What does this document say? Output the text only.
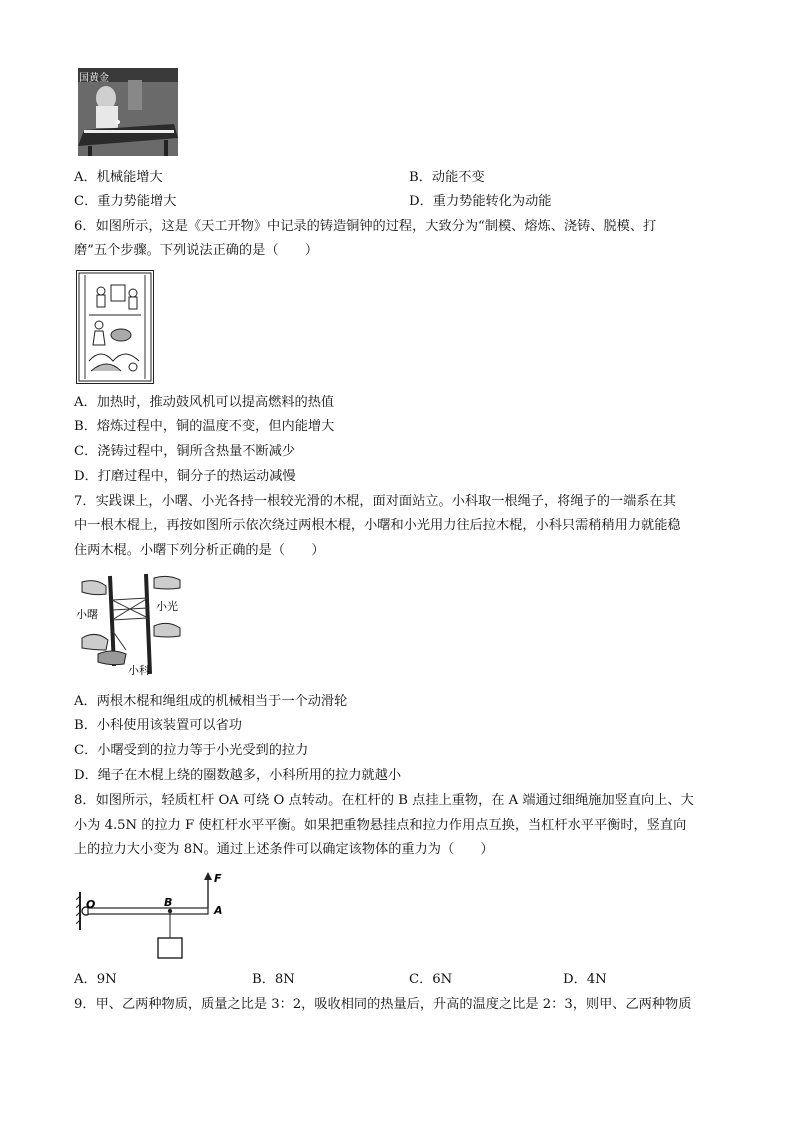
国黄金
A．机械能增大	B．动能不变
C．重力势能增大	D．重力势能转化为动能
6．如图所示，这是《天工开物》中记录的铸造铜钟的过程，大致分为“制模、熔炼、浇铸、脱模、打
磨”五个步骤。下列说法正确的是（　　）
A．加热时，推动鼓风机可以提高燃料的热值
B．熔炼过程中，铜的温度不变，但内能增大
C．浇铸过程中，铜所含热量不断减少
D．打磨过程中，铜分子的热运动减慢
7．实践课上，小曙、小光各持一根较光滑的木棍，面对面站立。小科取一根绳子，将绳子的一端系在其
中一根木棍上，再按如图所示依次绕过两根木棍，小曙和小光用力往后拉木棍，小科只需稍稍用力就能稳
住两木棍。小曙下列分析正确的是（　　）
小曙
小光
小科
A．两根木棍和绳组成的机械相当于一个动滑轮
B．小科使用该装置可以省功
C．小曙受到的拉力等于小光受到的拉力
D．绳子在木棍上绕的圈数越多，小科所用的拉力就越小
8．如图所示，轻质杠杆 OA 可绕 O 点转动。在杠杆的 B 点挂上重物，在 A 端通过细绳施加竖直向上、大
小为 4.5N 的拉力 F 使杠杆水平平衡。如果把重物悬挂点和拉力作用点互换，当杠杆水平平衡时，竖直向
上的拉力大小变为 8N。通过上述条件可以确定该物体的重力为（　　）
O	B
A
F
A．9N	B．8N	C．6N	D．4N
9．甲、乙两种物质，质量之比是 3：2，吸收相同的热量后，升高的温度之比是 2：3，则甲、乙两种物质
